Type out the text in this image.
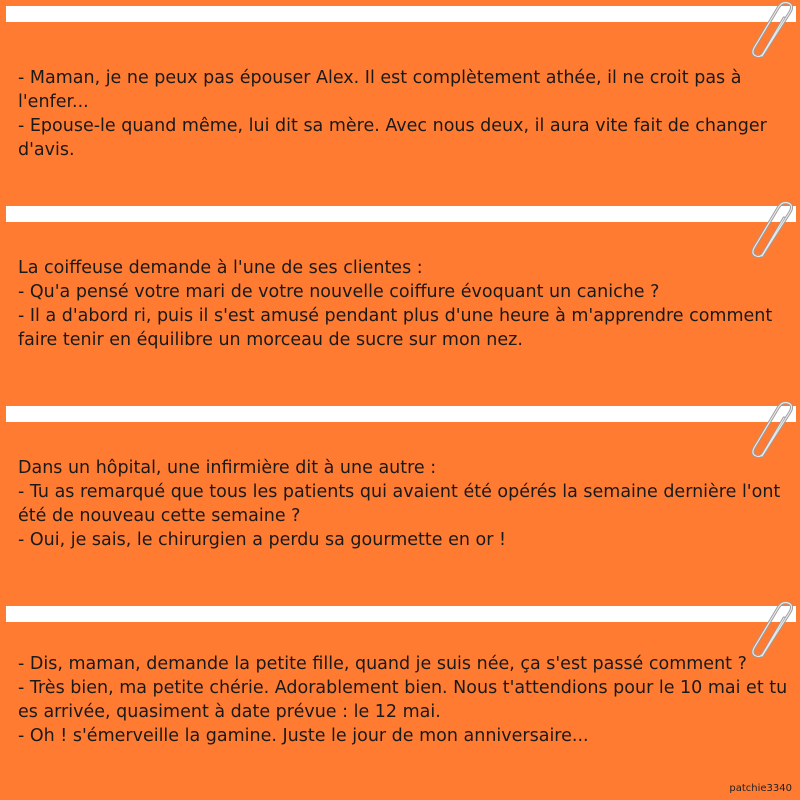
- Maman, je ne peux pas épouser Alex. Il est complètement athée, il ne croit pas à l'enfer...

- Epouse-le quand même, lui dit sa mère. Avec nous deux, il aura vite fait de changer d'avis.

La coiffeuse demande à l'une de ses clientes :

- Qu'a pensé votre mari de votre nouvelle coiffure évoquant un caniche ?

- Il a d'abord ri, puis il s'est amusé pendant plus d'une heure à m'apprendre comment faire tenir en équilibre un morceau de sucre sur mon nez.

Dans un hôpital, une infirmière dit à une autre :

- Tu as remarqué que tous les patients qui avaient été opérés la semaine dernière l'ont été de nouveau cette semaine ?

- Oui, je sais, le chirurgien a perdu sa gourmette en or !

- Dis, maman, demande la petite fille, quand je suis née, ça s'est passé comment ?

- Très bien, ma petite chérie. Adorablement bien. Nous t'attendions pour le 10 mai et tu es arrivée, quasiment à date prévue : le 12 mai.

- Oh ! s'émerveille la gamine. Juste le jour de mon anniversaire...

patchie3340
